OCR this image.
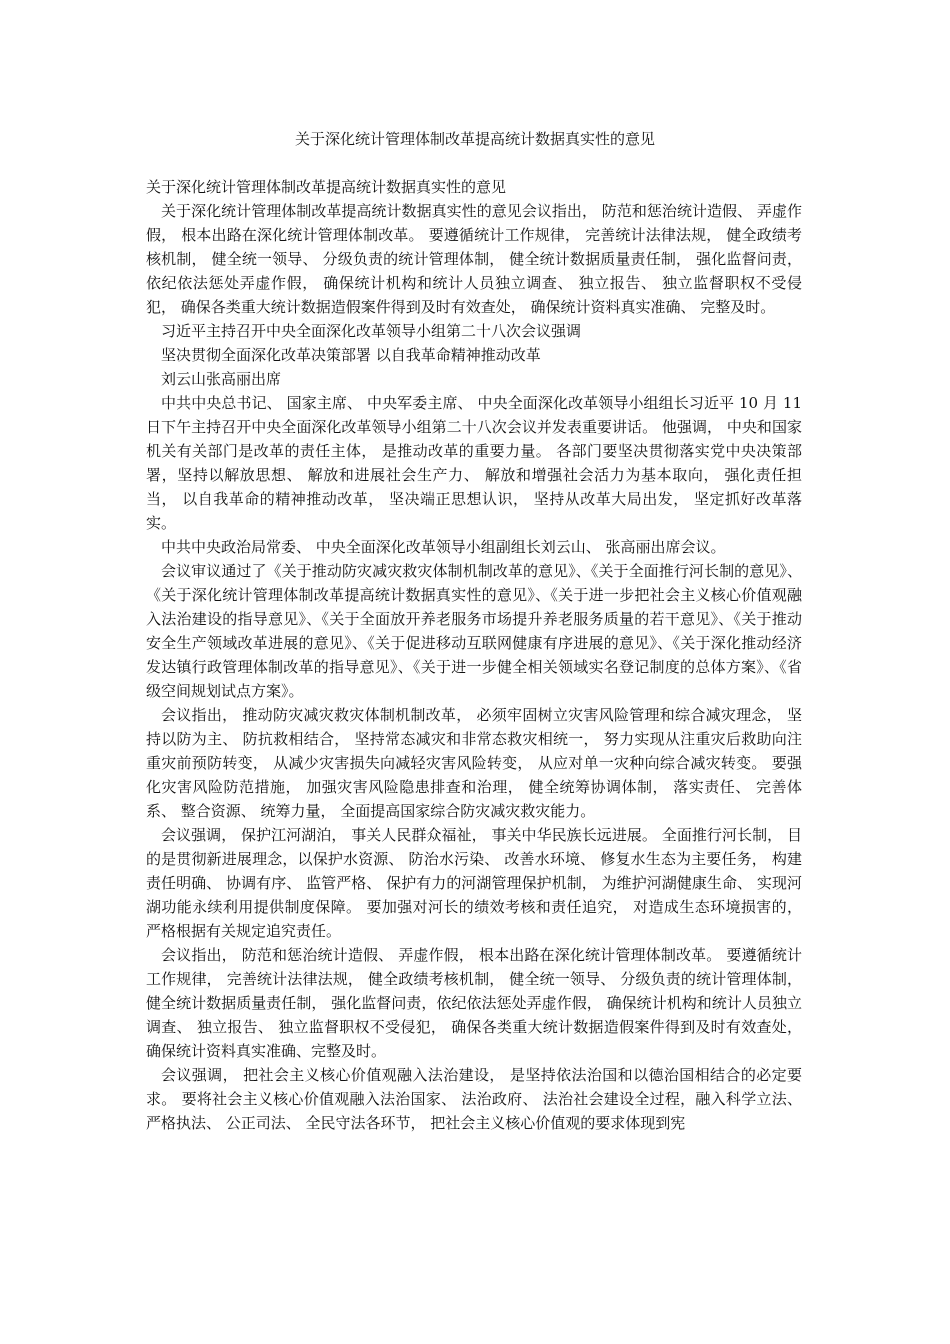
关于深化统计管理体制改革提高统计数据真实性的意见

关于深化统计管理体制改革提高统计数据真实性的意见

关于深化统计管理体制改革提高统计数据真实性的意见会议指出， 防范和惩治统计造假、 弄虚作假， 根本出路在深化统计管理体制改革。 要遵循统计工作规律， 完善统计法律法规， 健全政绩考核机制， 健全统一领导、 分级负责的统计管理体制， 健全统计数据质量责任制， 强化监督问责， 依纪依法惩处弄虚作假， 确保统计机构和统计人员独立调查、 独立报告、 独立监督职权不受侵犯， 确保各类重大统计数据造假案件得到及时有效查处， 确保统计资料真实准确、 完整及时。

习近平主持召开中央全面深化改革领导小组第二十八次会议强调

坚决贯彻全面深化改革决策部署 以自我革命精神推动改革

刘云山张高丽出席

中共中央总书记、 国家主席、 中央军委主席、 中央全面深化改革领导小组组长习近平 10 月 11 日下午主持召开中央全面深化改革领导小组第二十八次会议并发表重要讲话。 他强调， 中央和国家机关有关部门是改革的责任主体， 是推动改革的重要力量。 各部门要坚决贯彻落实党中央决策部署，坚持以解放思想、 解放和进展社会生产力、 解放和增强社会活力为基本取向， 强化责任担当， 以自我革命的精神推动改革， 坚决端正思想认识， 坚持从改革大局出发， 坚定抓好改革落实。

中共中央政治局常委、 中央全面深化改革领导小组副组长刘云山、 张高丽出席会议。

会议审议通过了《关于推动防灾减灾救灾体制机制改革的意见》、《关于全面推行河长制的意见》、《关于深化统计管理体制改革提高统计数据真实性的意见》、《关于进一步把社会主义核心价值观融入法治建设的指导意见》、《关于全面放开养老服务市场提升养老服务质量的若干意见》、《关于推动安全生产领域改革进展的意见》、《关于促进移动互联网健康有序进展的意见》、《关于深化推动经济发达镇行政管理体制改革的指导意见》、《关于进一步健全相关领域实名登记制度的总体方案》、《省级空间规划试点方案》。

会议指出， 推动防灾减灾救灾体制机制改革， 必须牢固树立灾害风险管理和综合减灾理念， 坚持以防为主、 防抗救相结合， 坚持常态减灾和非常态救灾相统一， 努力实现从注重灾后救助向注重灾前预防转变， 从减少灾害损失向减轻灾害风险转变， 从应对单一灾种向综合减灾转变。 要强化灾害风险防范措施， 加强灾害风险隐患排查和治理， 健全统筹协调体制， 落实责任、 完善体系、 整合资源、 统筹力量， 全面提高国家综合防灾减灾救灾能力。

会议强调， 保护江河湖泊， 事关人民群众福祉， 事关中华民族长远进展。 全面推行河长制， 目的是贯彻新进展理念，以保护水资源、 防治水污染、 改善水环境、 修复水生态为主要任务， 构建责任明确、 协调有序、 监管严格、 保护有力的河湖管理保护机制， 为维护河湖健康生命、 实现河湖功能永续利用提供制度保障。 要加强对河长的绩效考核和责任追究， 对造成生态环境损害的， 严格根据有关规定追究责任。

会议指出， 防范和惩治统计造假、 弄虚作假， 根本出路在深化统计管理体制改革。 要遵循统计工作规律， 完善统计法律法规， 健全政绩考核机制， 健全统一领导、 分级负责的统计管理体制， 健全统计数据质量责任制， 强化监督问责，依纪依法惩处弄虚作假， 确保统计机构和统计人员独立调查、 独立报告、 独立监督职权不受侵犯， 确保各类重大统计数据造假案件得到及时有效查处， 确保统计资料真实准确、完整及时。

会议强调， 把社会主义核心价值观融入法治建设， 是坚持依法治国和以德治国相结合的必定要求。 要将社会主义核心价值观融入法治国家、 法治政府、 法治社会建设全过程，融入科学立法、 严格执法、 公正司法、 全民守法各环节， 把社会主义核心价值观的要求体现到宪
